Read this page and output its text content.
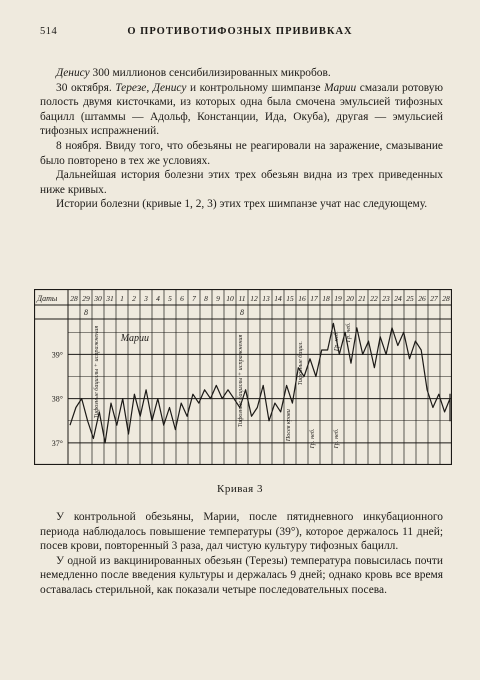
514	О ПРОТИВОТИФОЗНЫХ ПРИВИВКАХ

Денису 300 миллионов сенсибилизированных микробов.

30 октября. Терезе, Денису и контрольному шимпанзе Марии смазали ротовую полость двумя кисточками, из которых одна была смочена эмульсией тифозных бацилл (штаммы — Адольф, Констанции, Ида, Окуба), другая — эмульсией тифозных испражнений.

8 ноября. Ввиду того, что обезьяны не реагировали на заражение, смазывание было повторено в тех же условиях.

Дальнейшая история болезни этих трех обезьян видна из трех приведенных ниже кривых.

Истории болезни (кривые 1, 2, 3) этих трех шимпанзе учат нас следующему.

Даты 28 29 30 31 1 2 3 4 5 6 7 8 9 10 11 12 13 14 15 16 17 18 19 20 21 22 23 24 25 26 27 28
8	8
39°
38°
37°
Марии
Тифозные бациллы + испражнения	Тифозные бациллы + испражнения	Посев крови
Тифозные бацил.	Гр. неб. Гр. неб.
Гр. неб.	Гр. неб.
Кривая 3

У контрольной обезьяны, Марии, после пятидневного инкубационного периода наблюдалось повышение температуры (39°), которое держалось 11 дней; посев крови, повторенный 3 раза, дал чистую культуру тифозных бацилл.

У одной из вакцинированных обезьян (Терезы) температура повысилась почти немедленно после введения культуры и держалась 9 дней; однако кровь все время оставалась стерильной, как показали четыре последовательных посева.
